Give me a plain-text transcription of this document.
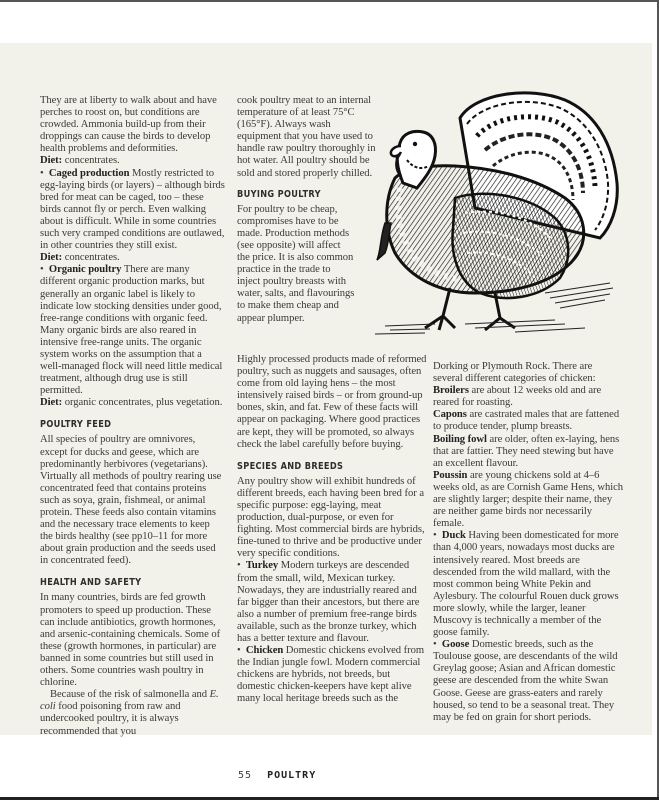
They are at liberty to walk about and have perches to roost on, but conditions are crowded. Ammonia build-up from their droppings can cause the birds to develop health problems and deformities.

Diet: concentrates.

• Caged production Mostly restricted to egg-laying birds (or layers) – although birds bred for meat can be caged, too – these birds cannot fly or perch. Even walking about is difficult. While in some countries such very cramped conditions are outlawed, in other countries they still exist.

Diet: concentrates.

• Organic poultry There are many different organic production marks, but generally an organic label is likely to indicate low stocking densities under good, free-range conditions with organic feed. Many organic birds are also reared in intensive free-range units. The organic system works on the assumption that a well-managed flock will need little medical treatment, although drug use is still permitted.

Diet: organic concentrates, plus vegetation.

POULTRY FEED

All species of poultry are omnivores, except for ducks and geese, which are predominantly herbivores (vegetarians). Virtually all methods of poultry rearing use concentrated feed that contains proteins such as soya, grain, fishmeal, or animal protein. These feeds also contain vitamins and the necessary trace elements to keep the birds healthy (see pp10–11 for more about grain production and the seeds used in concentrated feed).

HEALTH AND SAFETY

In many countries, birds are fed growth promoters to speed up production. These can include antibiotics, growth hormones, and arsenic-containing chemicals. Some of these (growth hormones, in particular) are banned in some countries but still used in others. Some countries wash poultry in chlorine.

Because of the risk of salmonella and E. coli food poisoning from raw and undercooked poultry, it is always recommended that you

cook poultry meat to an internal temperature of at least 75°C (165°F). Always wash equipment that you have used to handle raw poultry thoroughly in hot water. All poultry should be sold and stored properly chilled.

BUYING POULTRY

For poultry to be cheap, compromises have to be made. Production methods (see opposite) will affect the price. It is also common practice in the trade to inject poultry breasts with water, salts, and flavourings to make them cheap and appear plumper.

Highly processed products made of reformed poultry, such as nuggets and sausages, often come from old laying hens – the most intensively raised birds – or from ground-up bones, skin, and fat. Few of these facts will appear on packaging. Where good practices are kept, they will be promoted, so always check the label carefully before buying.

SPECIES AND BREEDS

Any poultry show will exhibit hundreds of different breeds, each having been bred for a specific purpose: egg-laying, meat production, dual-purpose, or even for fighting. Most commercial birds are hybrids, fine-tuned to thrive and be productive under very specific conditions.

• Turkey Modern turkeys are descended from the small, wild, Mexican turkey. Nowadays, they are industrially reared and far bigger than their ancestors, but there are also a number of premium free-range birds available, such as the bronze turkey, which has a better texture and flavour.

• Chicken Domestic chickens evolved from the Indian jungle fowl. Modern commercial chickens are hybrids, not breeds, but domestic chicken-keepers have kept alive many local heritage breeds such as the

Dorking or Plymouth Rock. There are several different categories of chicken:

Broilers are about 12 weeks old and are reared for roasting.

Capons are castrated males that are fattened to produce tender, plump breasts.

Boiling fowl are older, often ex-laying, hens that are fattier. They need stewing but have an excellent flavour.

Poussin are young chickens sold at 4–6 weeks old, as are Cornish Game Hens, which are slightly larger; despite their name, they are neither game birds nor necessarily female.

• Duck Having been domesticated for more than 4,000 years, nowadays most ducks are intensively reared. Most breeds are descended from the wild mallard, with the most common being White Pekin and Aylesbury. The colourful Rouen duck grows more slowly, while the larger, leaner Muscovy is technically a member of the goose family.

• Goose Domestic breeds, such as the Toulouse goose, are descendants of the wild Greylag goose; Asian and African domestic geese are descended from the white Swan Goose. Geese are grass-eaters and rarely housed, so tend to be a seasonal treat. They may be fed on grain for short periods.

55 POULTRY
